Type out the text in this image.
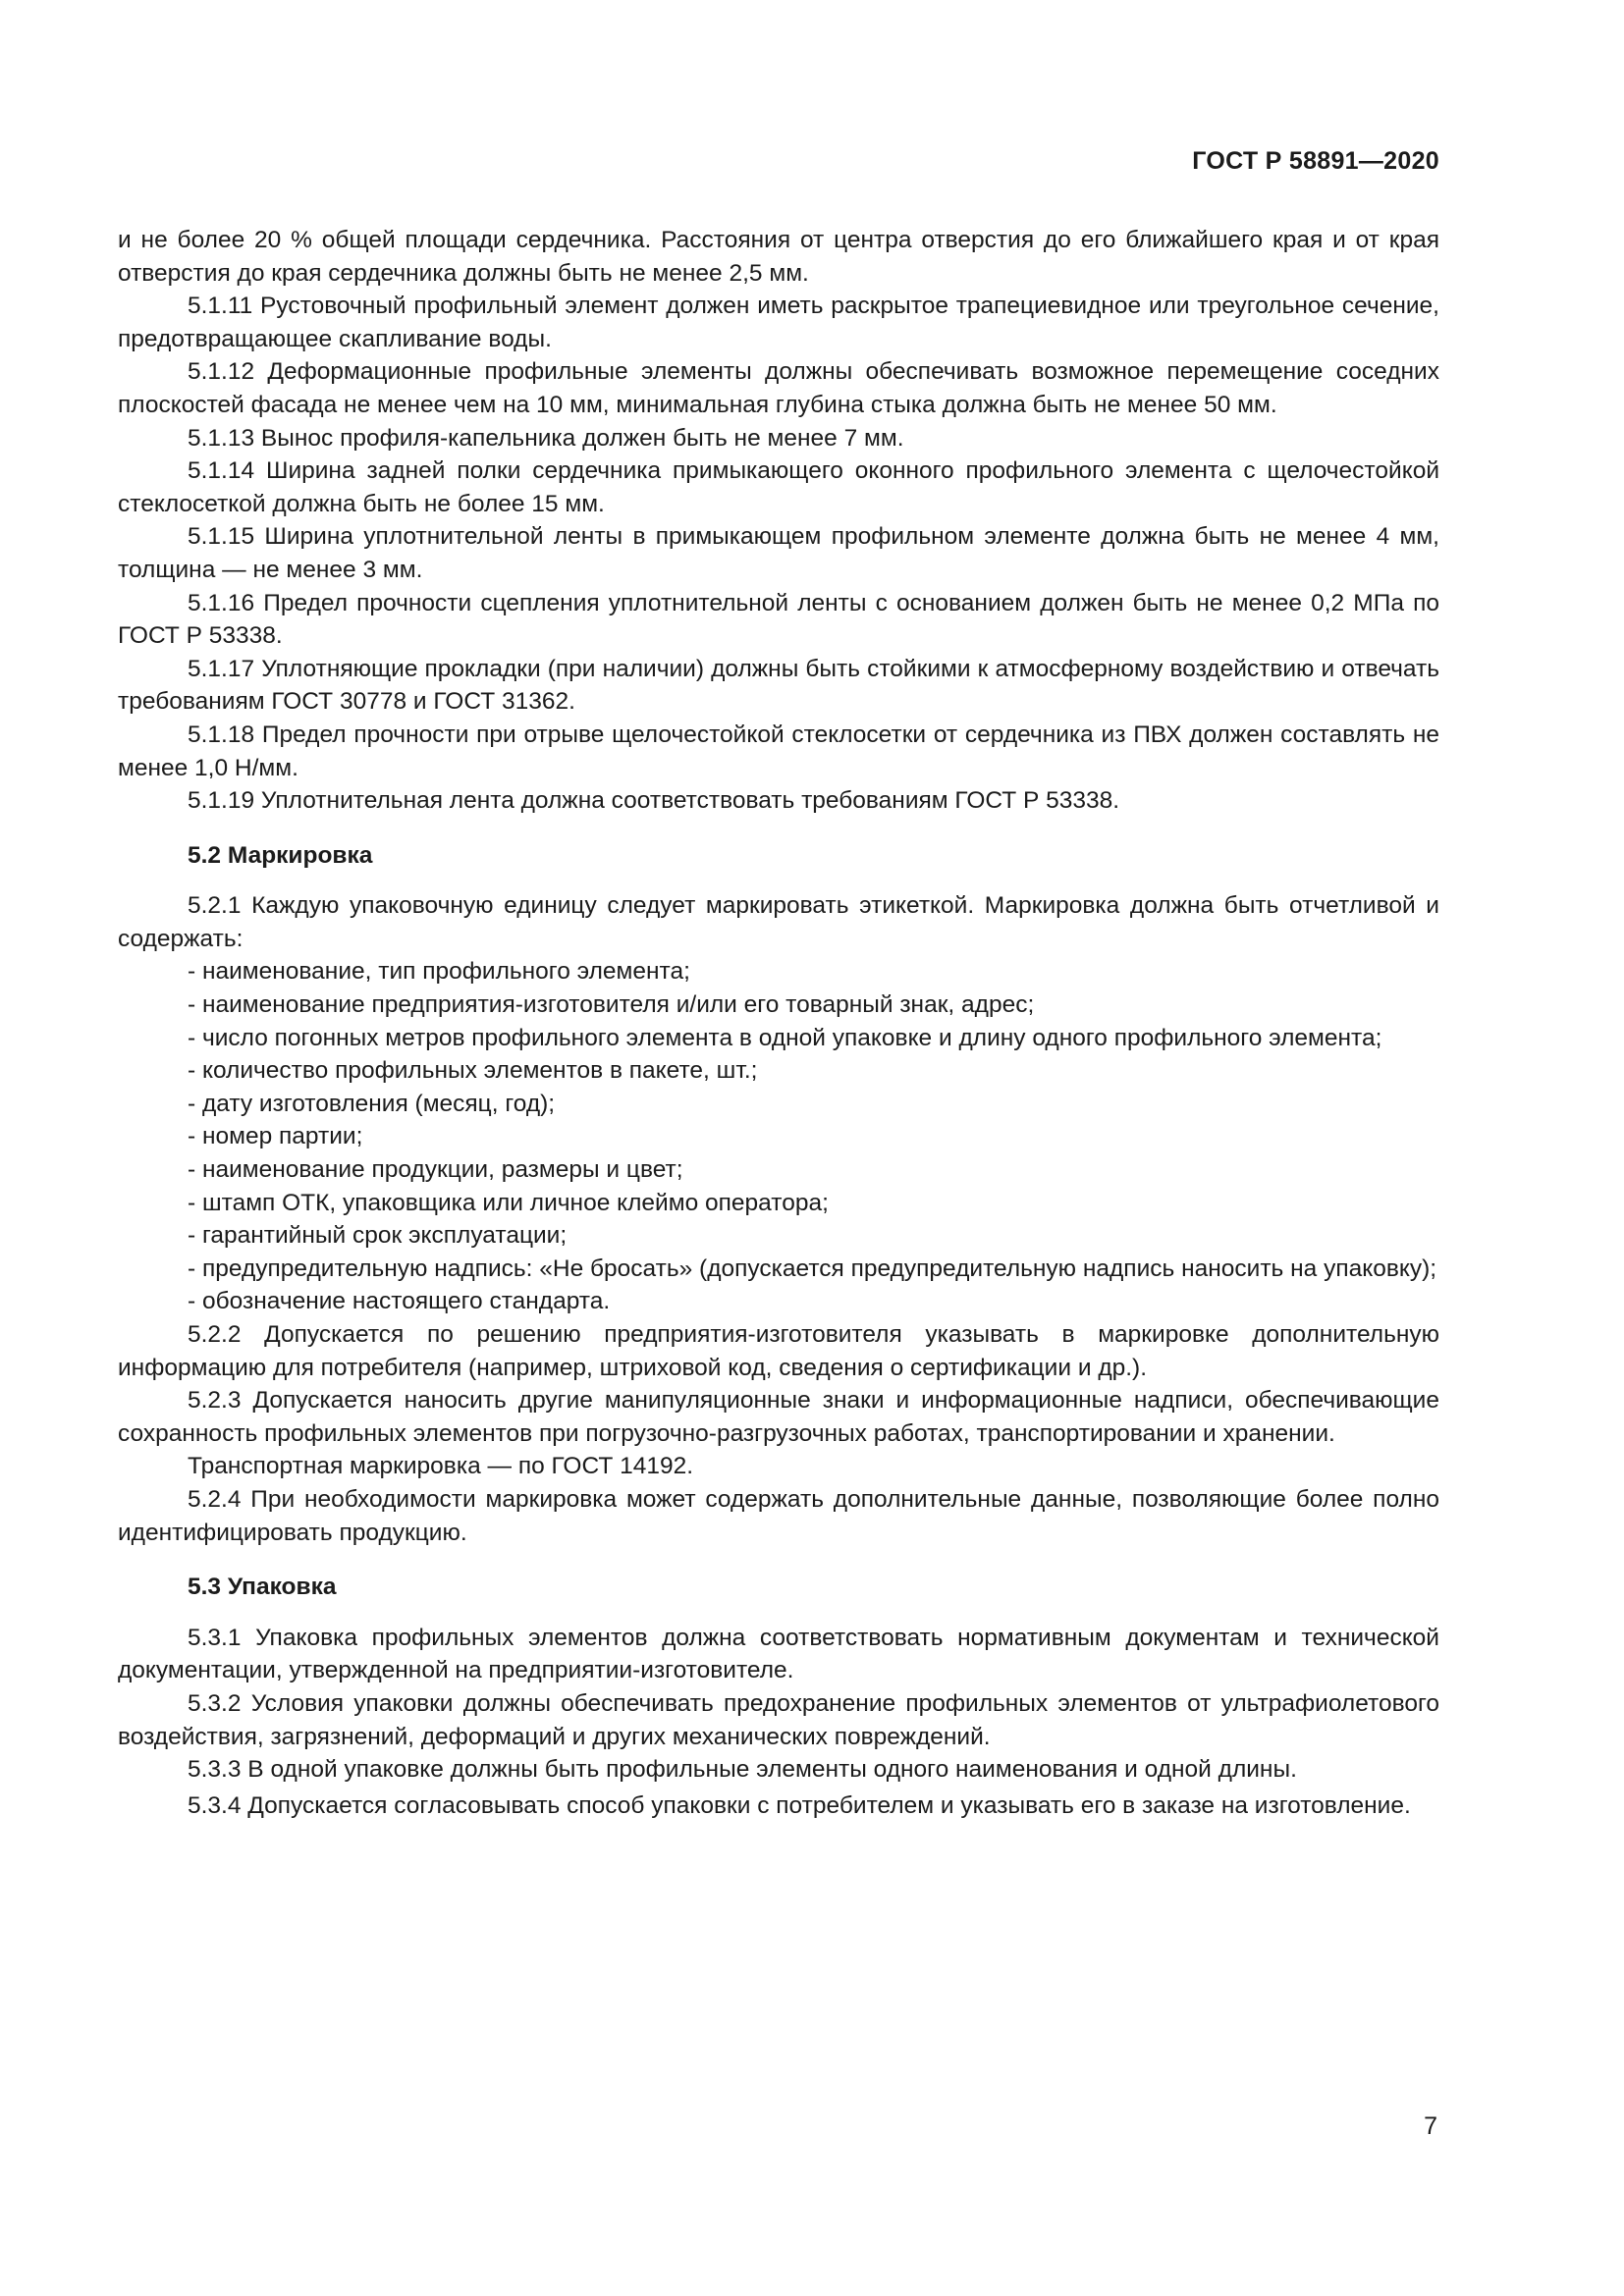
ГОСТ Р 58891—2020

и не более 20 % общей площади сердечника. Расстояния от центра отверстия до его ближайшего края и от края отверстия до края сердечника должны быть не менее 2,5 мм.

5.1.11 Рустовочный профильный элемент должен иметь раскрытое трапециевидное или треугольное сечение, предотвращающее скапливание воды.

5.1.12 Деформационные профильные элементы должны обеспечивать возможное перемещение соседних плоскостей фасада не менее чем на 10 мм, минимальная глубина стыка должна быть не менее 50 мм.

5.1.13 Вынос профиля-капельника должен быть не менее 7 мм.

5.1.14 Ширина задней полки сердечника примыкающего оконного профильного элемента с щелочестойкой стеклосеткой должна быть не более 15 мм.

5.1.15 Ширина уплотнительной ленты в примыкающем профильном элементе должна быть не менее 4 мм, толщина — не менее 3 мм.

5.1.16 Предел прочности сцепления уплотнительной ленты с основанием должен быть не менее 0,2 МПа по ГОСТ Р 53338.

5.1.17 Уплотняющие прокладки (при наличии) должны быть стойкими к атмосферному воздействию и отвечать требованиям ГОСТ 30778 и ГОСТ 31362.

5.1.18 Предел прочности при отрыве щелочестойкой стеклосетки от сердечника из ПВХ должен составлять не менее 1,0 Н/мм.

5.1.19 Уплотнительная лента должна соответствовать требованиям ГОСТ Р 53338.

5.2 Маркировка

5.2.1 Каждую упаковочную единицу следует маркировать этикеткой. Маркировка должна быть отчетливой и содержать:

- наименование, тип профильного элемента;

- наименование предприятия-изготовителя и/или его товарный знак, адрес;

- число погонных метров профильного элемента в одной упаковке и длину одного профильного элемента;

- количество профильных элементов в пакете, шт.;

- дату изготовления (месяц, год);

- номер партии;

- наименование продукции, размеры и цвет;

- штамп ОТК, упаковщика или личное клеймо оператора;

- гарантийный срок эксплуатации;

- предупредительную надпись: «Не бросать» (допускается предупредительную надпись наносить на упаковку);

- обозначение настоящего стандарта.

5.2.2 Допускается по решению предприятия-изготовителя указывать в маркировке дополнительную информацию для потребителя (например, штриховой код, сведения о сертификации и др.).

5.2.3 Допускается наносить другие манипуляционные знаки и информационные надписи, обеспечивающие сохранность профильных элементов при погрузочно-разгрузочных работах, транспортировании и хранении.

Транспортная маркировка — по ГОСТ 14192.

5.2.4 При необходимости маркировка может содержать дополнительные данные, позволяющие более полно идентифицировать продукцию.

5.3 Упаковка

5.3.1 Упаковка профильных элементов должна соответствовать нормативным документам и технической документации, утвержденной на предприятии-изготовителе.

5.3.2 Условия упаковки должны обеспечивать предохранение профильных элементов от ультрафиолетового воздействия, загрязнений, деформаций и других механических повреждений.

5.3.3 В одной упаковке должны быть профильные элементы одного наименования и одной длины.

5.3.4 Допускается согласовывать способ упаковки с потребителем и указывать его в заказе на изготовление.

7
